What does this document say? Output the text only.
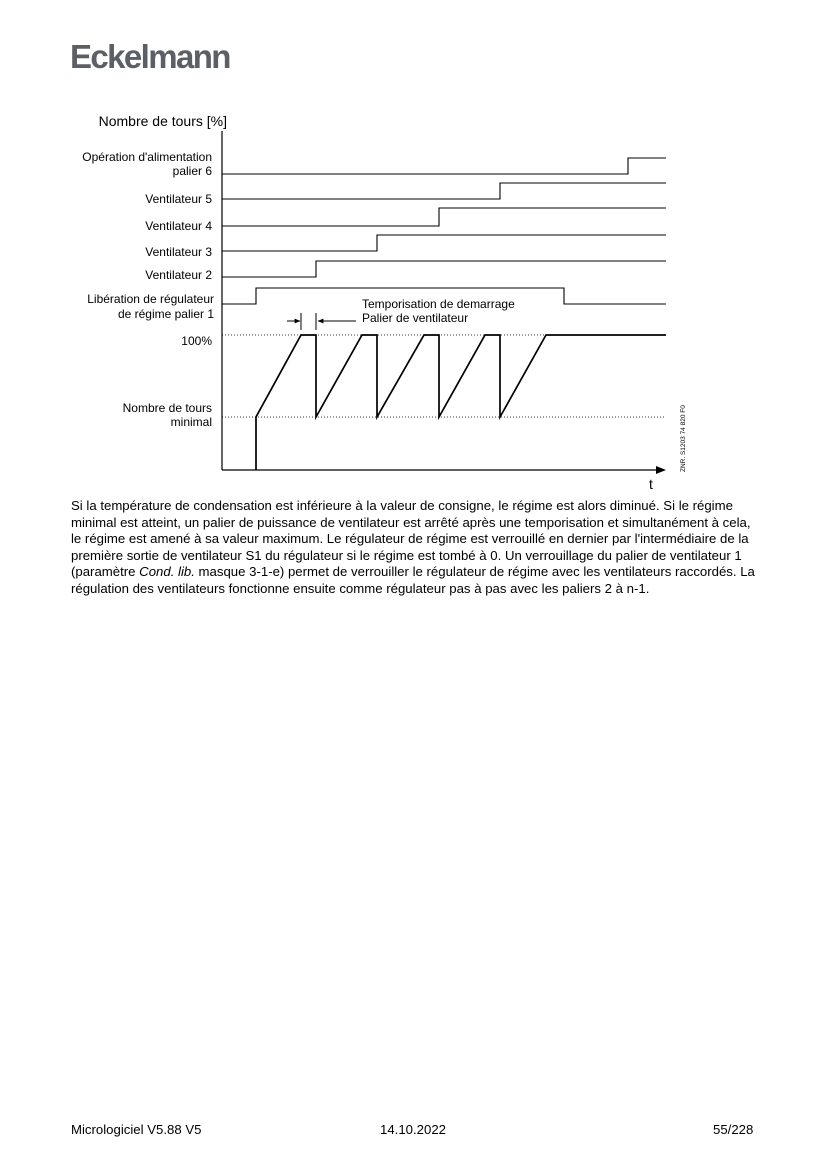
Eckelmann
Nombre de tours [%]
t
Opération d'alimentation
palier 6
Ventilateur 5
Ventilateur 4
Ventilateur 3
Ventilateur 2
Libération de régulateur
de régime palier 1
Temporisation de demarrage
Palier de ventilateur
100%
Nombre de tours
minimal	ZNR. S1203 74 820 F0

Si la température de condensation est inférieure à la valeur de consigne, le régime est alors diminué. Si le régime minimal est atteint, un palier de puissance de ventilateur est arrêté après une temporisation et simultanément à cela, le régime est amené à sa valeur maximum. Le régulateur de régime est verrouillé en dernier par l'intermédiaire de la première sortie de ventilateur S1 du régulateur si le régime est tombé à 0. Un verrouillage du palier de ventilateur 1 (paramètre Cond. lib. masque 3-1-e) permet de verrouiller le régulateur de régime avec les ventilateurs raccordés. La régulation des ventilateurs fonctionne ensuite comme régulateur pas à pas avec les paliers 2 à n-1.

Micrologiciel V5.88 V5	14.10.2022	55/228
